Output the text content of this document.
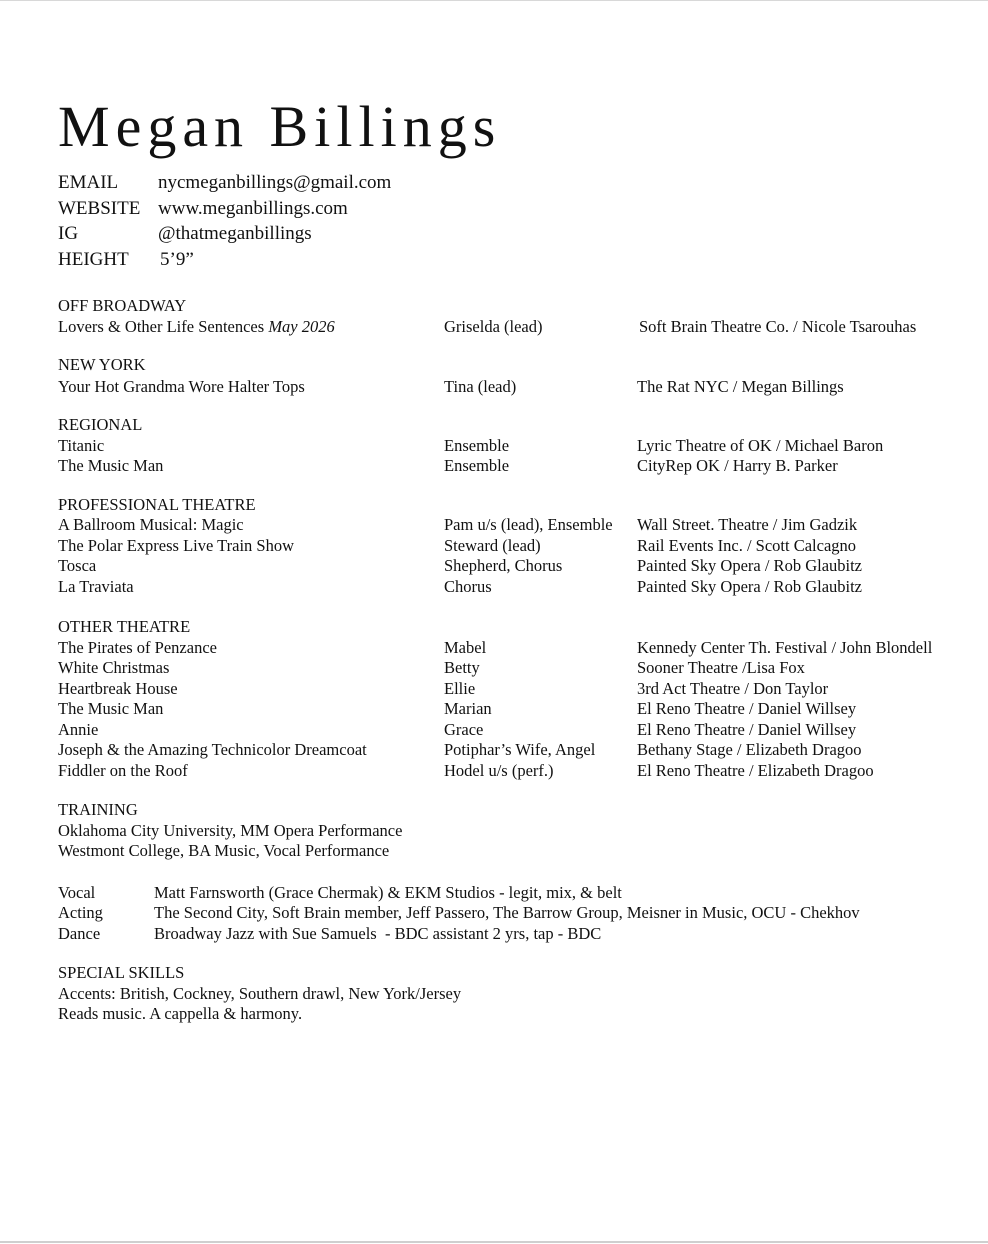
Megan Billings
EMAIL	nycmeganbillings@gmail.com
WEBSITE www.meganbillings.com
IG	@thatmeganbillings
HEIGHT	5’9”
OFF BROADWAY
Lovers & Other Life Sentences May 2026	Griselda (lead)	Soft Brain Theatre Co. / Nicole Tsarouhas
NEW YORK
Your Hot Grandma Wore Halter Tops	Tina (lead)	The Rat NYC / Megan Billings
REGIONAL
Titanic	Ensemble	Lyric Theatre of OK / Michael Baron
The Music Man	Ensemble	CityRep OK / Harry B. Parker
PROFESSIONAL THEATRE
A Ballroom Musical: Magic	Pam u/s (lead), Ensemble	Wall Street. Theatre / Jim Gadzik
The Polar Express Live Train Show	Steward (lead)	Rail Events Inc. / Scott Calcagno
Tosca	Shepherd, Chorus	Painted Sky Opera / Rob Glaubitz
La Traviata	Chorus	Painted Sky Opera / Rob Glaubitz
OTHER THEATRE
The Pirates of Penzance	Mabel	Kennedy Center Th. Festival / John Blondell
White Christmas	Betty	Sooner Theatre /Lisa Fox
Heartbreak House	Ellie	3rd Act Theatre / Don Taylor
The Music Man	Marian	El Reno Theatre / Daniel Willsey
Annie	Grace	El Reno Theatre / Daniel Willsey
Joseph & the Amazing Technicolor Dreamcoat	Potiphar’s Wife, Angel	Bethany Stage / Elizabeth Dragoo
Fiddler on the Roof	Hodel u/s (perf.)	El Reno Theatre / Elizabeth Dragoo
TRAINING
Oklahoma City University, MM Opera Performance
Westmont College, BA Music, Vocal Performance
Vocal	Matt Farnsworth (Grace Chermak) & EKM Studios - legit, mix, & belt
Acting	The Second City, Soft Brain member, Jeff Passero, The Barrow Group, Meisner in Music, OCU - Chekhov
Dance	Broadway Jazz with Sue Samuels  - BDC assistant 2 yrs, tap - BDC
SPECIAL SKILLS
Accents: British, Cockney, Southern drawl, New York/Jersey
Reads music. A cappella & harmony.
